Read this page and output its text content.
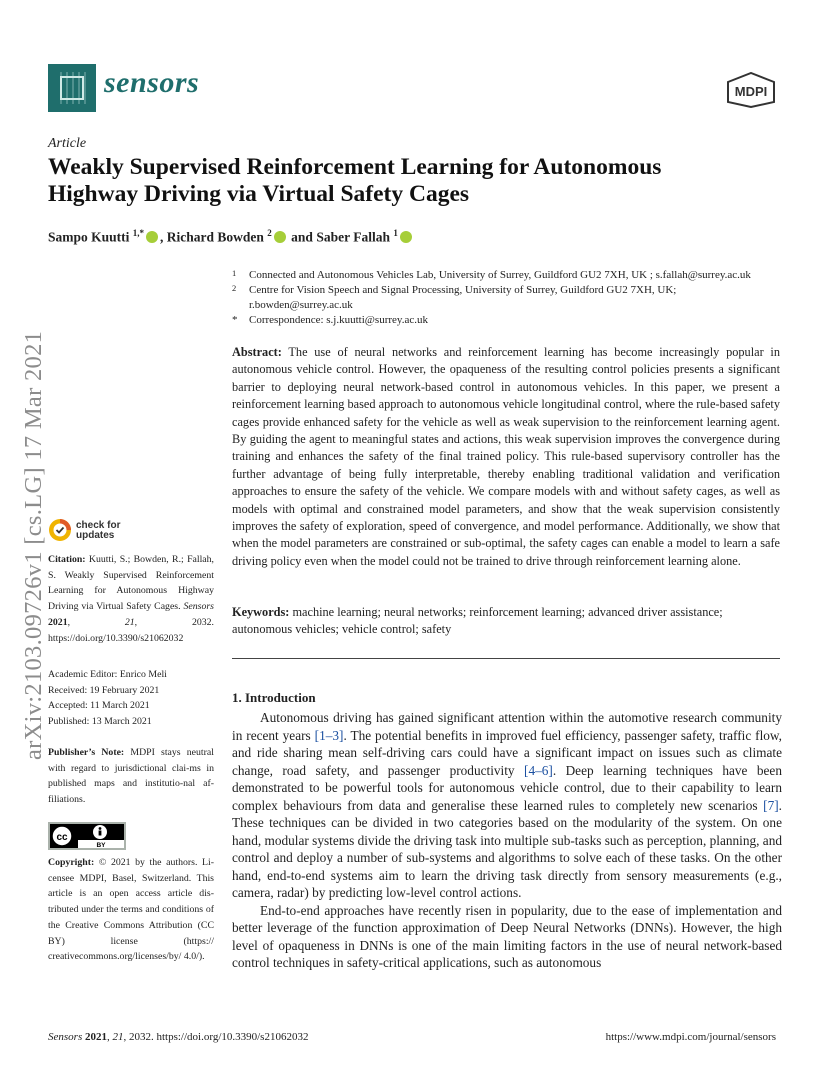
sensors	MDPI
Article
Weakly Supervised Reinforcement Learning for Autonomous
Highway Driving via Virtual Safety Cages
Sampo Kuutti $^{1,*}$ , Richard Bowden $^2$ and Saber Fallah $^1$
1 Connected and Autonomous Vehicles Lab, University of Surrey, Guildford GU2 7XH, UK ; s.fallah@surrey.ac.uk
2 Centre for Vision Speech and Signal Processing, University of Surrey, Guildford GU2 7XH, UK;
r.bowden@surrey.ac.uk
* Correspondence: s.j.kuutti@surrey.ac.uk
Abstract: The use of neural networks and reinforcement learning has become increasingly popular in autonomous vehicle control. However, the opaqueness of the resulting control policies presents a significant barrier to deploying neural network-based control in autonomous vehicles. In this paper, we present a reinforcement learning based approach to autonomous vehicle longitudinal control, where the rule-based safety cages provide enhanced safety for the vehicle as well as weak supervision to the reinforcement learning agent. By guiding the agent to meaningful states and actions, this weak supervision improves the convergence during training and enhances the safety of the final trained policy. This rule-based supervisory controller has the further advantage of being fully interpretable, thereby enabling traditional validation and verification approaches to ensure the safety of the vehicle. We compare models with and without safety cages, as well as models with optimal and constrained model parameters, and show that the weak supervision consistently improves the safety of exploration, speed of convergence, and model performance. Additionally, we show that when the model parameters are constrained or sub-optimal, the safety cages can enable a model to learn a safe driving policy even when the model could not be trained to drive through reinforcement learning alone.
Keywords: machine learning; neural networks; reinforcement learning; advanced driver assistance; autonomous vehicles; vehicle control; safety
1. Introduction

Autonomous driving has gained significant attention within the automotive research community in recent years [1–3]. The potential benefits in improved fuel efficiency, passenger safety, traffic flow, and ride sharing mean self-driving cars could have a significant impact on issues such as climate change, road safety, and passenger productivity [4–6]. Deep learning techniques have been demonstrated to be powerful tools for autonomous vehicle control, due to their capability to learn complex behaviours from data and generalise these learned rules to completely new scenarios [7]. These techniques can be divided in two categories based on the modularity of the system. On one hand, modular systems divide the driving task into multiple sub-tasks such as perception, planning, and control and deploy a number of sub-systems and algorithms to solve each of these tasks. On the other hand, end-to-end systems aim to learn the driving task directly from sensory measurements (e.g., camera, radar) by predicting low-level control actions.

End-to-end approaches have recently risen in popularity, due to the ease of implementation and better leverage of the function approximation of Deep Neural Networks (DNNs). However, the high level of opaqueness in DNNs is one of the main limiting factors in the use of neural network-based control techniques in safety-critical applications, such as autonomous

arXiv:2103.09726v1 [cs.LG] 17 Mar 2021	check for
updates
Citation: Kuutti, S.; Bowden, R.; Fallah, S. Weakly Supervised Reinforcement Learning for Autonomous Highway Driving via Virtual Safety Cages. Sensors 2021, 21, 2032. https://doi.org/10.3390/s21062032
Academic Editor: Enrico Meli
Received: 19 February 2021
Accepted: 11 March 2021
Published: 13 March 2021
Publisher’s Note: MDPI stays neutral with regard to jurisdictional clai-ms in published maps and institutio-nal af-filiations.
cc
BY
Copyright: © 2021 by the authors. Li-censee MDPI, Basel, Switzerland. This article is an open access article dis-tributed under the terms and conditions of the Creative Commons Attribution (CC BY) license (https:// creativecommons.org/licenses/by/ 4.0/).
Sensors 2021, 21, 2032. https://doi.org/10.3390/s21062032	https://www.mdpi.com/journal/sensors
